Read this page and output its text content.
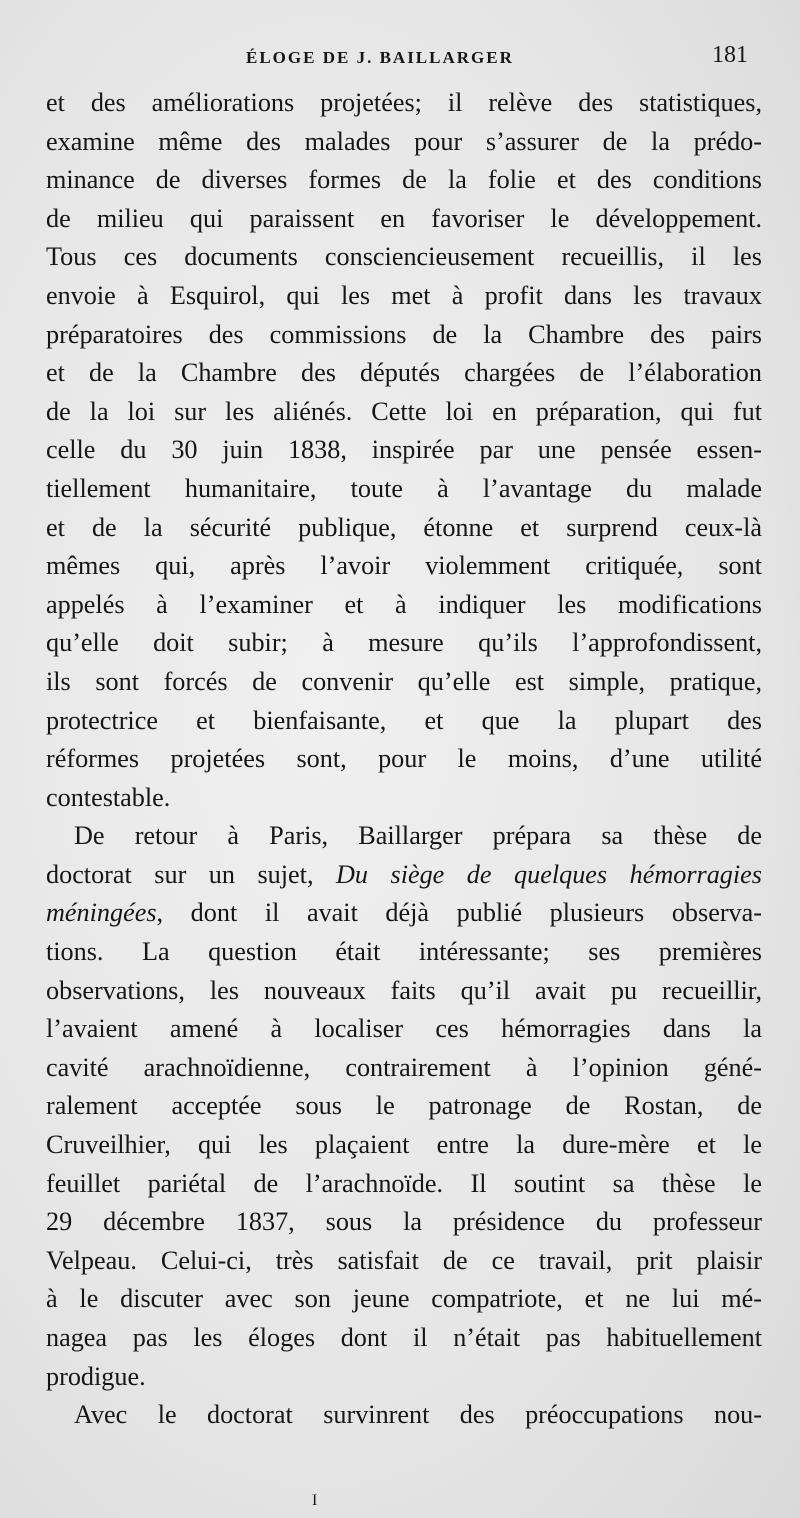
ÉLOGE DE J. BAILLARGER	181
et des améliorations projetées; il relève des statistiques,
examine même des malades pour s’assurer de la prédo-
minance de diverses formes de la folie et des conditions
de milieu qui paraissent en favoriser le développement.
Tous ces documents consciencieusement recueillis, il les
envoie à Esquirol, qui les met à profit dans les travaux
préparatoires des commissions de la Chambre des pairs
et de la Chambre des députés chargées de l’élaboration
de la loi sur les aliénés. Cette loi en préparation, qui fut
celle du 30 juin 1838, inspirée par une pensée essen-
tiellement humanitaire, toute à l’avantage du malade
et de la sécurité publique, étonne et surprend ceux-là
mêmes qui, après l’avoir violemment critiquée, sont
appelés à l’examiner et à indiquer les modifications
qu’elle doit subir; à mesure qu’ils l’approfondissent,
ils sont forcés de convenir qu’elle est simple, pratique,
protectrice et bienfaisante, et que la plupart des
réformes projetées sont, pour le moins, d’une utilité
contestable.
De retour à Paris, Baillarger prépara sa thèse de
doctorat sur un sujet, Du siège de quelques hémorragies
méningées, dont il avait déjà publié plusieurs observa-
tions. La question était intéressante; ses premières
observations, les nouveaux faits qu’il avait pu recueillir,
l’avaient amené à localiser ces hémorragies dans la
cavité arachnoïdienne, contrairement à l’opinion géné-
ralement acceptée sous le patronage de Rostan, de
Cruveilhier, qui les plaçaient entre la dure-mère et le
feuillet pariétal de l’arachnoïde. Il soutint sa thèse le
29 décembre 1837, sous la présidence du professeur
Velpeau. Celui-ci, très satisfait de ce travail, prit plaisir
à le discuter avec son jeune compatriote, et ne lui mé-
nagea pas les éloges dont il n’était pas habituellement
prodigue.
Avec le doctorat survinrent des préoccupations nou-
I
